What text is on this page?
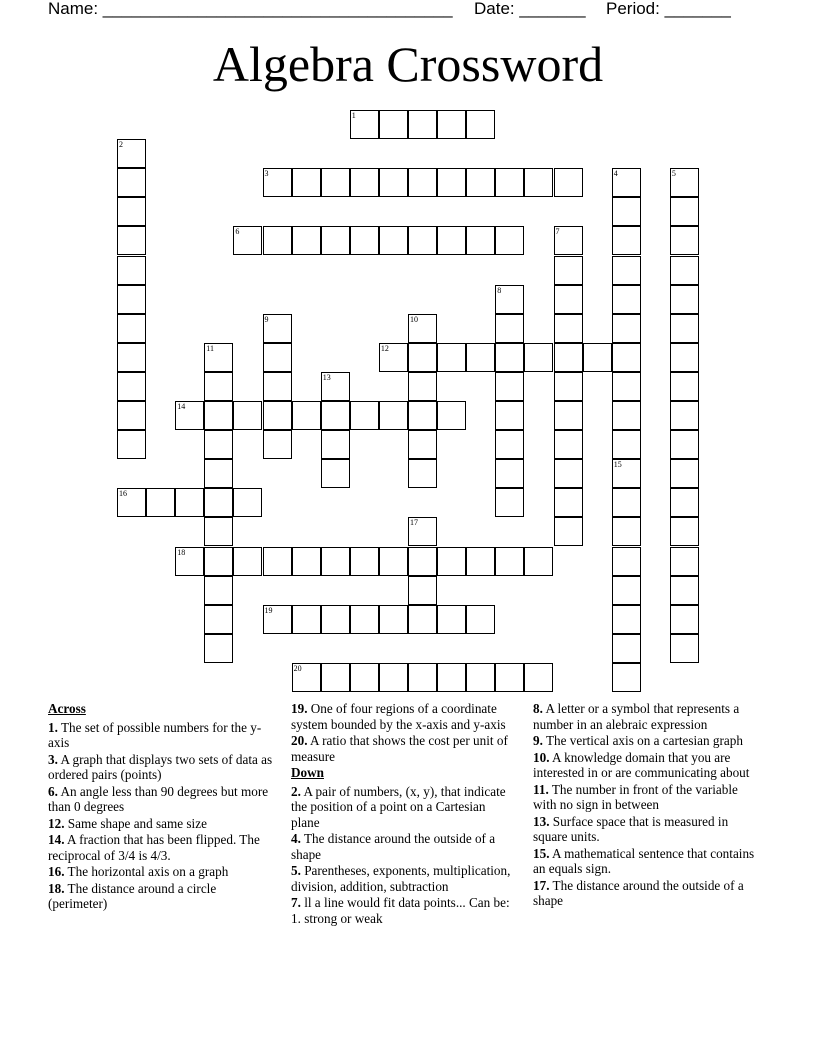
Name: _____________________________________ Date: _______ Period: _______
Algebra Crossword
1
2
3	4	5
6	7
8
9	10
11	12
13
14
15
16
17
18
19
20
Across
1. The set of possible numbers for the y-axis
3. A graph that displays two sets of data as ordered pairs (points)
6. An angle less than 90 degrees but more than 0 degrees
12. Same shape and same size
14. A fraction that has been flipped. The reciprocal of 3/4 is 4/3.
16. The horizontal axis on a graph
18. The distance around a circle (perimeter)
19. One of four regions of a coordinate system bounded by the x-axis and y-axis
20. A ratio that shows the cost per unit of measure
Down
2. A pair of numbers, (x, y), that indicate the position of a point on a Cartesian plane
4. The distance around the outside of a shape
5. Parentheses, exponents, multiplication, division, addition, subtraction
7. ll a line would fit data points... Can be: 1. strong or weak
8. A letter or a symbol that represents a number in an alebraic expression
9. The vertical axis on a cartesian graph
10. A knowledge domain that you are interested in or are communicating about
11. The number in front of the variable with no sign in between
13. Surface space that is measured in square units.
15. A mathematical sentence that contains an equals sign.
17. The distance around the outside of a shape
